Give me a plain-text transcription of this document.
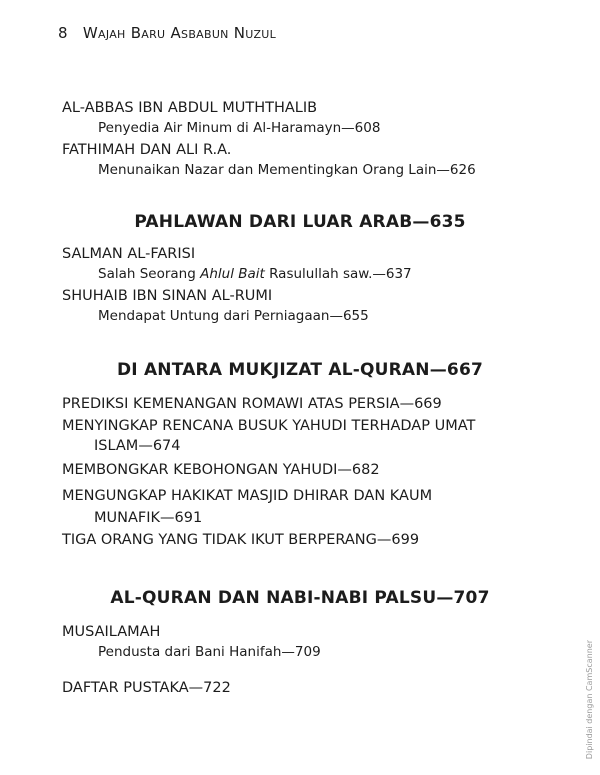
8 Wajah Baru Asbabun Nuzul
AL-ABBAS IBN ABDUL MUTHTHALIB
Penyedia Air Minum di Al-Haramayn—608
FATHIMAH DAN ALI R.A.
Menunaikan Nazar dan Mementingkan Orang Lain—626
PAHLAWAN DARI LUAR ARAB—635
SALMAN AL-FARISI
Salah Seorang Ahlul Bait Rasulullah saw.—637
SHUHAIB IBN SINAN AL-RUMI
Mendapat Untung dari Perniagaan—655
DI ANTARA MUKJIZAT AL-QURAN—667
PREDIKSI KEMENANGAN ROMAWI ATAS PERSIA—669
MENYINGKAP RENCANA BUSUK YAHUDI TERHADAP UMAT
ISLAM—674
MEMBONGKAR KEBOHONGAN YAHUDI—682
MENGUNGKAP HAKIKAT MASJID DHIRAR DAN KAUM
MUNAFIK—691
TIGA ORANG YANG TIDAK IKUT BERPERANG—699
AL-QURAN DAN NABI-NABI PALSU—707
MUSAILAMAH
Pendusta dari Bani Hanifah—709
DAFTAR PUSTAKA—722	Dipindai dengan CamScanner
